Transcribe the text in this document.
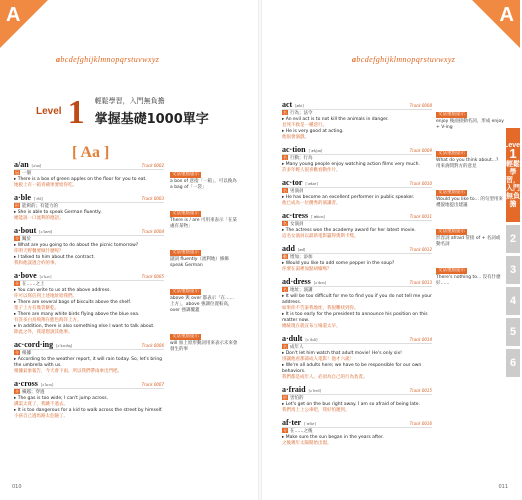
A
abcdefghijklmnopqrstuvwxyz
Level 1 輕鬆學習，入門無負擔
掌握基礎1000單字
[ Aa ]
a/an [ə/ən]	Track 0002
冠 一個
▸ There is a box of green apples on the floor for you to eat.
地板上有一箱青蘋果要給你吃。
a·ble [ˈebl̩]	Track 0003
形 能夠的；有能力的
▸ She is able to speak German fluently.
她能說一口流利的德語。
a·bout [əˈbaʊt]	Track 0004
介 關於
▸ What are you going to do about the picnic tomorrow?
你明天野餐要做什麼呢？
▸ I talked to him about the contract.
我和他談過合約的事。
a·bove [əˈbʌv]	Track 0005
介 在……之上
▸ You can write to us at the above address.
你可以寫信到上述地址給我們。
▸ There are several bags of biscuits above the shelf.
架子上方有幾袋餅乾。
▸ There are many white birds flying above the blue sea.
有許多白鳥飛翔在藍色海洋上方。
▸ In addition, there is also something else I want to talk about.
除此之外，我還想說其他事。
ac·cord·ing [əˈkɔrdɪŋ]	Track 0006
介 根據
▸ According to the weather report, it will rain today. So, let's bring the umbrella with us.
根據氣象報告，今天會下雨，所以我們帶雨傘出門吧。
a·cross [əˈkrɔs]	Track 0007
介 橫越；穿過
▸ The gas is too wide; I can't jump across.
溝渠太寬了，我跳不過去。
▸ It is too dangerous for a kid to walk across the street by himself.
小孩自己過馬路太危險了。
文法重點提示
a box of 意指「一箱」，可以換為 a bag of「一袋」
文法重點提示
There is / are 可用來表示「在某處有某物」
文法重點提示
副詞 fluently（流利地）修飾 speak German
文法重點提示
above 與 over 都表示「在……上方」，above 強調位置較高，over 強調覆蓋
文法重點提示
will 加上原形動詞用來表示未來會發生的事
010
A
abcdefghijklmnopqrstuvwxyz
act [ækt]	Track 0008
名 行為；法令
▸ An evil act is to not kill the animals in danger.
見死不救是一種惡行。
▸ He is very good at acting.
他很會演戲。
ac·tion [ˈækʃən]	Track 0009
名 行動；行為
▸ Many young people enjoy watching action films very much.
許多年輕人很喜歡看動作片。
ac·tor [ˈæktɚ]	Track 0010
名 男演員
▸ He has become an excellent performer in public speaker.
他已成為一位優秀的演講者。
ac·tress [ˈæktrɪs]	Track 0011
名 女演員
▸ The actress won the academy award for her latest movie.
這名女演員以最新電影贏得奧斯卡獎。
add [æd]	Track 0012
動 增加；添加
▸ Would you like to add some pepper in the soup?
你要在湯裡加點胡椒嗎？
ad·dress [əˈdrɛs]	Track 0013
名 地址；演講
▸ It will be too difficult for me to find you if you do not tell me your address.
如果你不告訴我地址，我很難找到你。
▸ It is too early for the president to announce his position on this matter now.
總統現在就宣布立場還太早。
a·dult [əˈdʌlt]	Track 0014
名 成年人
▸ Don't let him watch that adult movie! He's only six!
別讓他看那部成人電影！他才六歲！
▸ We're all adults here; we have to be responsible for our own behaviors.
我們都是成年人，必須為自己的行為負責。
a·fraid [əˈfred]	Track 0015
形 害怕的
▸ Let's get on the bus right away. I am so afraid of being late.
我們馬上上公車吧，我好怕遲到。
af·ter [ˈæftɚ]	Track 0016
介 在……之後
▸ Make sure the sun began in the years after.
之後幾年太陽開始出現。
文法重點提示
enjoy 後面接動名詞，形成 enjoy + V-ing
文法重點提示
What do you think about...? 用來詢問對方的意見
文法重點提示
Would you like to... 的句型用來禮貌地提出建議
文法重點提示
形容詞 afraid 常接 of + 名詞或動名詞
文法重點提示
There's nothing to... 沒有什麼好……
Level
1
輕鬆學習，入門無負擔
2
3
4
5
6
011
